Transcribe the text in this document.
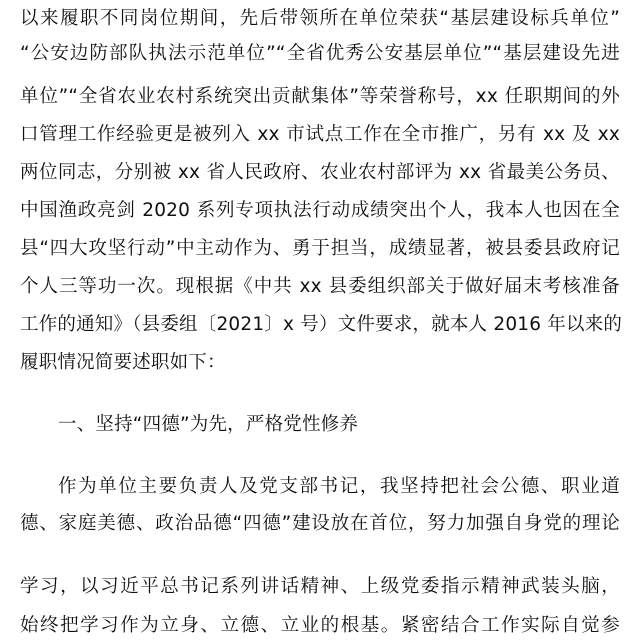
以来履职不同岗位期间，先后带领所在单位荣获“基层建设标兵单位”
“公安边防部队执法示范单位”“全省优秀公安基层单位”“基层建设先进
单位”“全省农业农村系统突出贡献集体”等荣誉称号，xx 任职期间的外
口管理工作经验更是被列入 xx 市试点工作在全市推广，另有 xx 及 xx
两位同志，分别被 xx 省人民政府、农业农村部评为 xx 省最美公务员、
中国渔政亮剑 2020 系列专项执法行动成绩突出个人，我本人也因在全
县“四大攻坚行动”中主动作为、勇于担当，成绩显著，被县委县政府记
个人三等功一次。现根据《中共 xx 县委组织部关于做好届末考核准备
工作的通知》（县委组〔2021〕x 号）文件要求，就本人 2016 年以来的
履职情况简要述职如下：
一、坚持“四德”为先，严格党性修养
作为单位主要负责人及党支部书记，我坚持把社会公德、职业道
德、家庭美德、政治品德“四德”建设放在首位，努力加强自身党的理论
学习，以习近平总书记系列讲话精神、上级党委指示精神武装头脑，
始终把学习作为立身、立德、立业的根基。紧密结合工作实际自觉参
